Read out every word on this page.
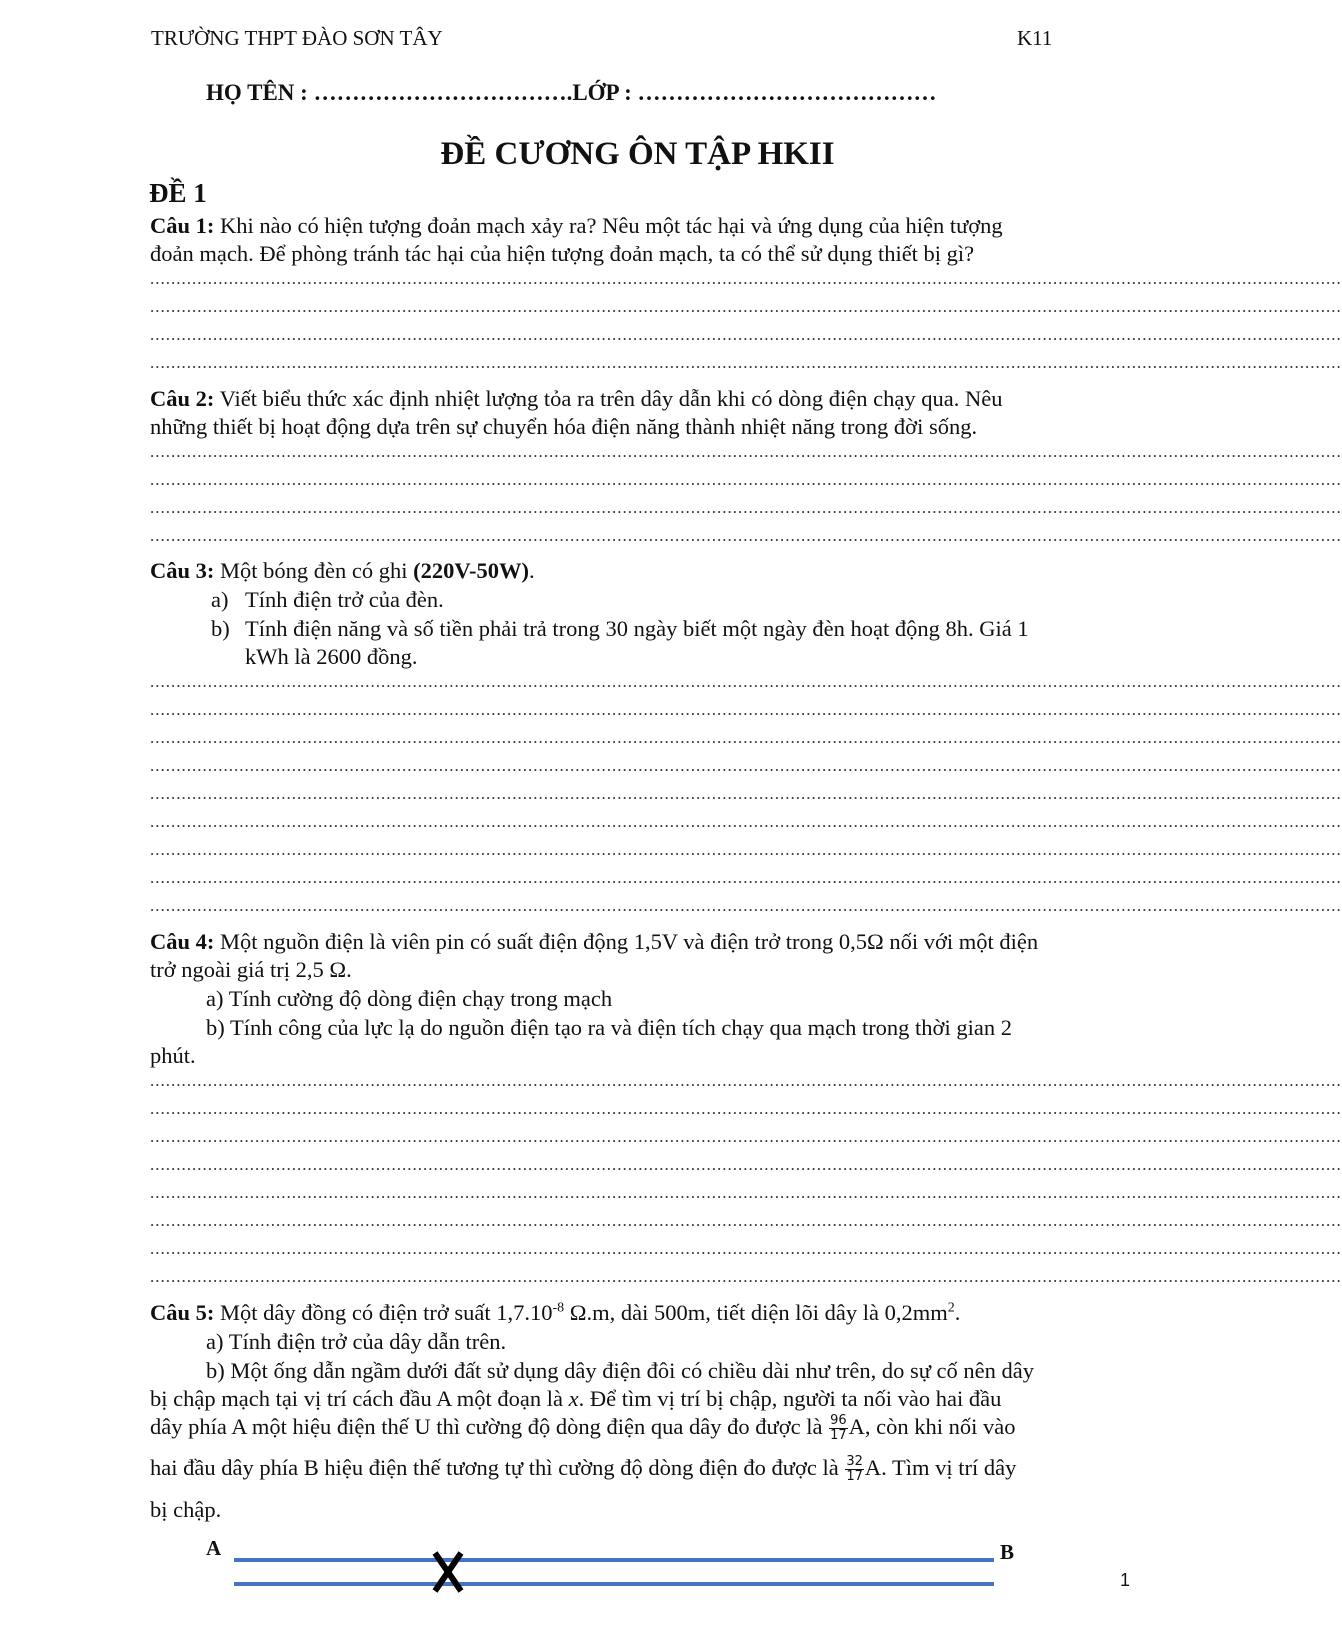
TRƯỜNG THPT ĐÀO SƠN TÂY	K11
HỌ TÊN : …………………………….LỚP : …………………………………
ĐỀ CƯƠNG ÔN TẬP HKII
ĐỀ 1
Câu 1: Khi nào có hiện tượng đoản mạch xảy ra? Nêu một tác hại và ứng dụng của hiện tượng
đoản mạch. Để phòng tránh tác hại của hiện tượng đoản mạch, ta có thể sử dụng thiết bị gì?
...................................................................................................................................................................................................................................
...................................................................................................................................................................................................................................
...................................................................................................................................................................................................................................
...................................................................................................................................................................................................................................
Câu 2: Viết biểu thức xác định nhiệt lượng tỏa ra trên dây dẫn khi có dòng điện chạy qua. Nêu
những thiết bị hoạt động dựa trên sự chuyển hóa điện năng thành nhiệt năng trong đời sống.
...................................................................................................................................................................................................................................
...................................................................................................................................................................................................................................
...................................................................................................................................................................................................................................
...................................................................................................................................................................................................................................
Câu 3: Một bóng đèn có ghi (220V-50W).
a) Tính điện trở của đèn.
b) Tính điện năng và số tiền phải trả trong 30 ngày biết một ngày đèn hoạt động 8h. Giá 1
kWh là 2600 đồng.
...................................................................................................................................................................................................................................
...................................................................................................................................................................................................................................
...................................................................................................................................................................................................................................
...................................................................................................................................................................................................................................
...................................................................................................................................................................................................................................
...................................................................................................................................................................................................................................
...................................................................................................................................................................................................................................
...................................................................................................................................................................................................................................
...................................................................................................................................................................................................................................
Câu 4: Một nguồn điện là viên pin có suất điện động 1,5V và điện trở trong 0,5Ω nối với một điện
trở ngoài giá trị 2,5 Ω.
a) Tính cường độ dòng điện chạy trong mạch
b) Tính công của lực lạ do nguồn điện tạo ra và điện tích chạy qua mạch trong thời gian 2
phút.
...................................................................................................................................................................................................................................
...................................................................................................................................................................................................................................
...................................................................................................................................................................................................................................
...................................................................................................................................................................................................................................
...................................................................................................................................................................................................................................
...................................................................................................................................................................................................................................
...................................................................................................................................................................................................................................
...................................................................................................................................................................................................................................
Câu 5: Một dây đồng có điện trở suất $1,7.10^{-8}$ Ω.m, dài 500m, tiết diện lõi dây là $0,2mm^2$.
a) Tính điện trở của dây dẫn trên.
b) Một ống dẫn ngầm dưới đất sử dụng dây điện đôi có chiều dài như trên, do sự cố nên dây
bị chập mạch tại vị trí cách đầu A một đoạn là x. Để tìm vị trí bị chập, người ta nối vào hai đầu
dây phía A một hiệu điện thế U thì cường độ dòng điện qua dây đo được là $\frac{96}{17} A$, còn khi nối vào
hai đầu dây phía B hiệu điện thế tương tự thì cường độ dòng điện đo được là $\frac{32}{17} A$. Tìm vị trí dây
bị chập.
A	B
1
